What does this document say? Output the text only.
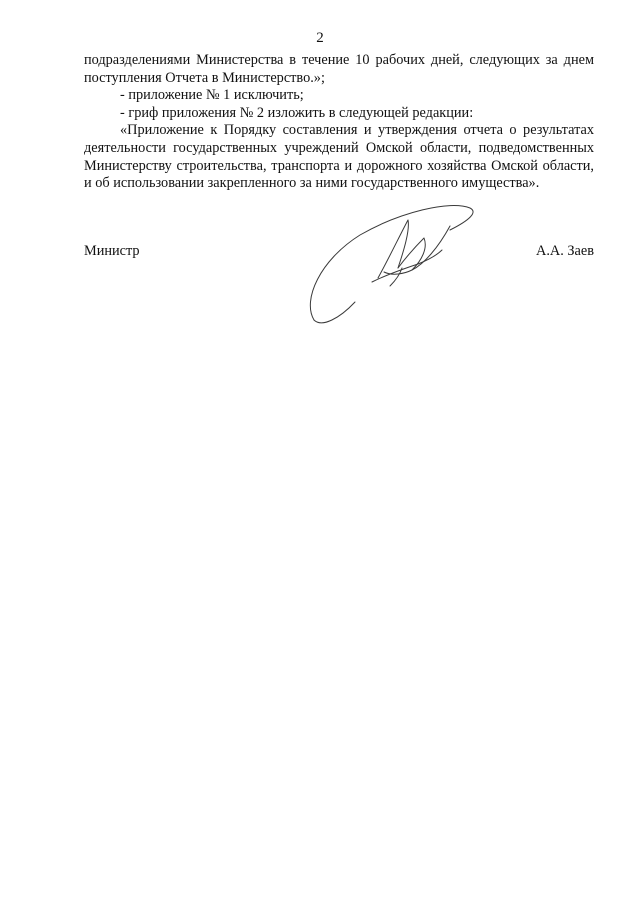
2

подразделениями Министерства в течение 10 рабочих дней, следующих за днем поступления Отчета в Министерство.»;

- приложение № 1 исключить;

- гриф приложения № 2 изложить в следующей редакции:

«Приложение к Порядку составления и утверждения отчета о результатах деятельности государственных учреждений Омской области, подведомственных Министерству строительства, транспорта и дорожного хозяйства Омской области, и об использовании закрепленного за ними государственного имущества».

Министр	А.А. Заев
